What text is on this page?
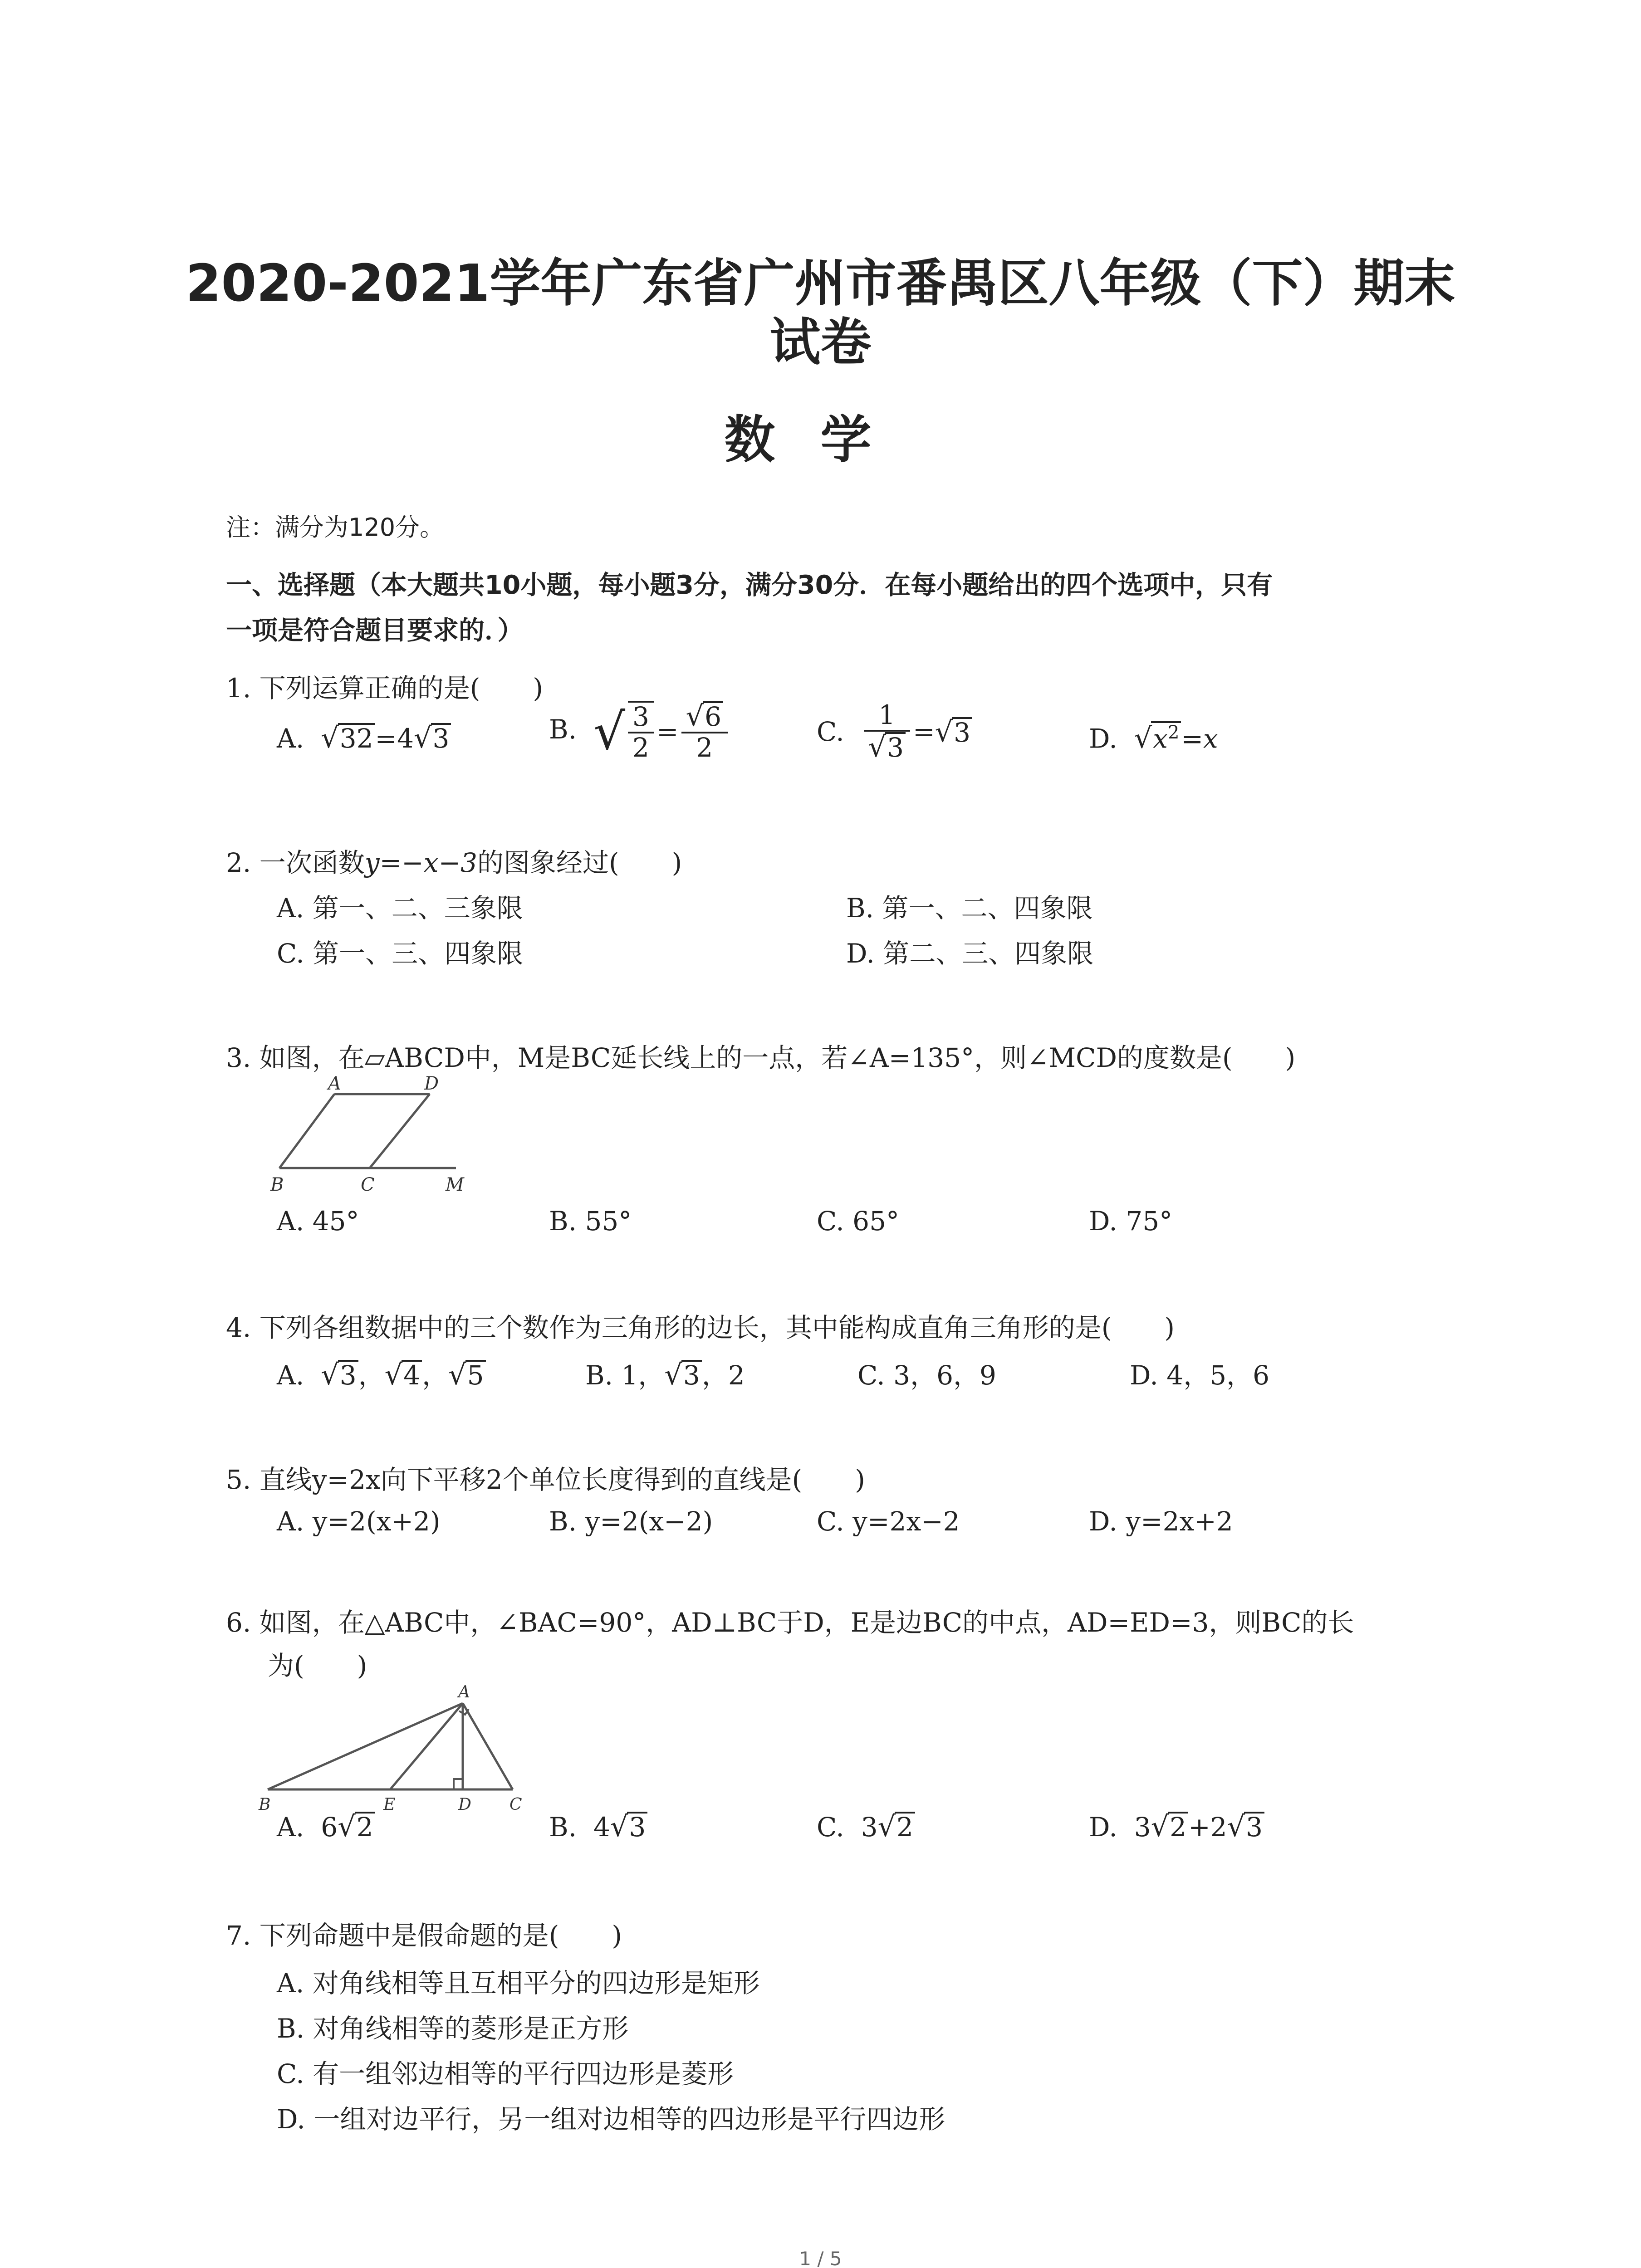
2020-2021学年广东省广州市番禺区八年级（下）期末
试卷
数学
注：满分为120分。
一、选择题（本大题共10小题，每小题3分，满分30分．在每小题给出的四个选项中，只有
一项是符合题目要求的．）
1. 下列运算正确的是(　　)
A. √32=4√3	B. √ $\frac{3}{2} = \frac{√6}{2}$	C. $\frac{1}{√3} =√3$	D. $√x^2=x$
2. 一次函数y=−x−3的图象经过(　　)
A. 第一、二、三象限	B. 第一、二、四象限
C. 第一、三、四象限	D. 第二、三、四象限
3. 如图，在▱ABCD中，M是BC延长线上的一点，若∠A=135°，则∠MCD的度数是(　　)
A	D
B	C	M
A. 45°	B. 55°	C. 65°	D. 75°
4. 下列各组数据中的三个数作为三角形的边长，其中能构成直角三角形的是(　　)
A. √3，√4，√5	B. 1，√3，2	C. 3，6，9	D. 4，5，6
5. 直线y=2x向下平移2个单位长度得到的直线是(　　)
A. y=2(x+2)	B. y=2(x−2)	C. y=2x−2	D. y=2x+2
6. 如图，在△ABC中，∠BAC=90°，AD⊥BC于D，E是边BC的中点，AD=ED=3，则BC的长
为(　　)
A
B	E	D C
A. 6√2	B. 4√3	C. 3√2	D. 3√2+2√3
7. 下列命题中是假命题的是(　　)
A. 对角线相等且互相平分的四边形是矩形
B. 对角线相等的菱形是正方形
C. 有一组邻边相等的平行四边形是菱形
D. 一组对边平行，另一组对边相等的四边形是平行四边形
1 / 5
